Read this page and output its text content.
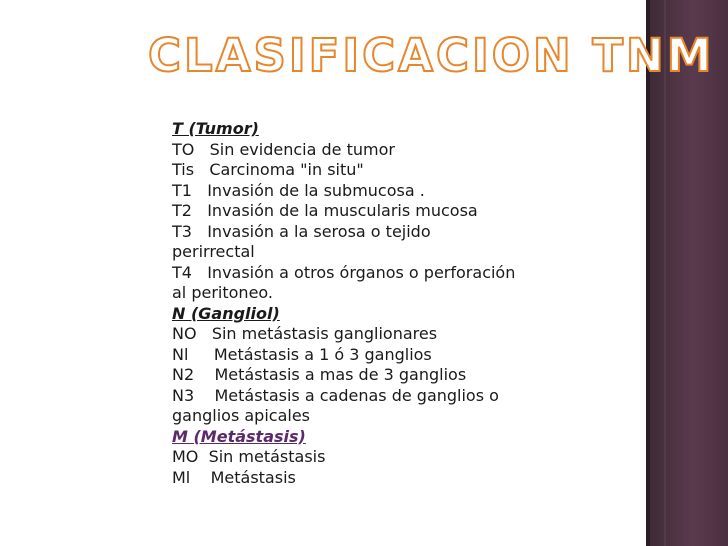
CLASIFICACION TNM

T (Tumor)

TO   Sin evidencia de tumor

Tis   Carcinoma "in situ"

T1   Invasión de la submucosa .

T2   Invasión de la muscularis mucosa

T3   Invasión a la serosa o tejido perirrectal

T4   Invasión a otros órganos o perforación al peritoneo.

N (Gangliol)

NO   Sin metástasis ganglionares

Nl     Metástasis a 1 ó 3 ganglios

N2    Metástasis a mas de 3 ganglios

N3    Metástasis a cadenas de ganglios o ganglios apicales

M (Metástasis)

MO  Sin metástasis

Ml    Metástasis
